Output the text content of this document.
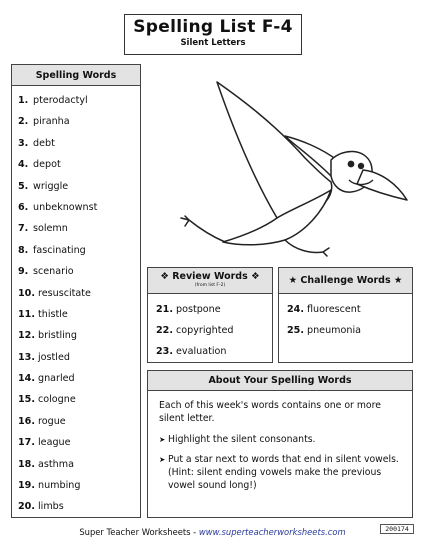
Spelling List F-4
Silent Letters
Spelling Words
1. pterodactyl
2. piranha
3. debt
4. depot
5. wriggle
6. unbeknownst
7. solemn
8. fascinating
9. scenario
10. resuscitate
11. thistle
12. bristling
13. jostled
14. gnarled
15. cologne
16. rogue
17. league
18. asthma
19. numbing
20. limbs
❖ Review Words ❖
(from list F-2)
21. postpone
22. copyrighted
23. evaluation
★ Challenge Words ★
24. fluorescent
25. pneumonia
About Your Spelling Words

Each of this week's words contains one or more silent letter.

➤ Highlight the silent consonants.
➤ Put a star next to words that end in silent vowels. (Hint: silent ending vowels make the previous vowel sound long!)
Super Teacher Worksheets - www.superteacherworksheets.com	200174
